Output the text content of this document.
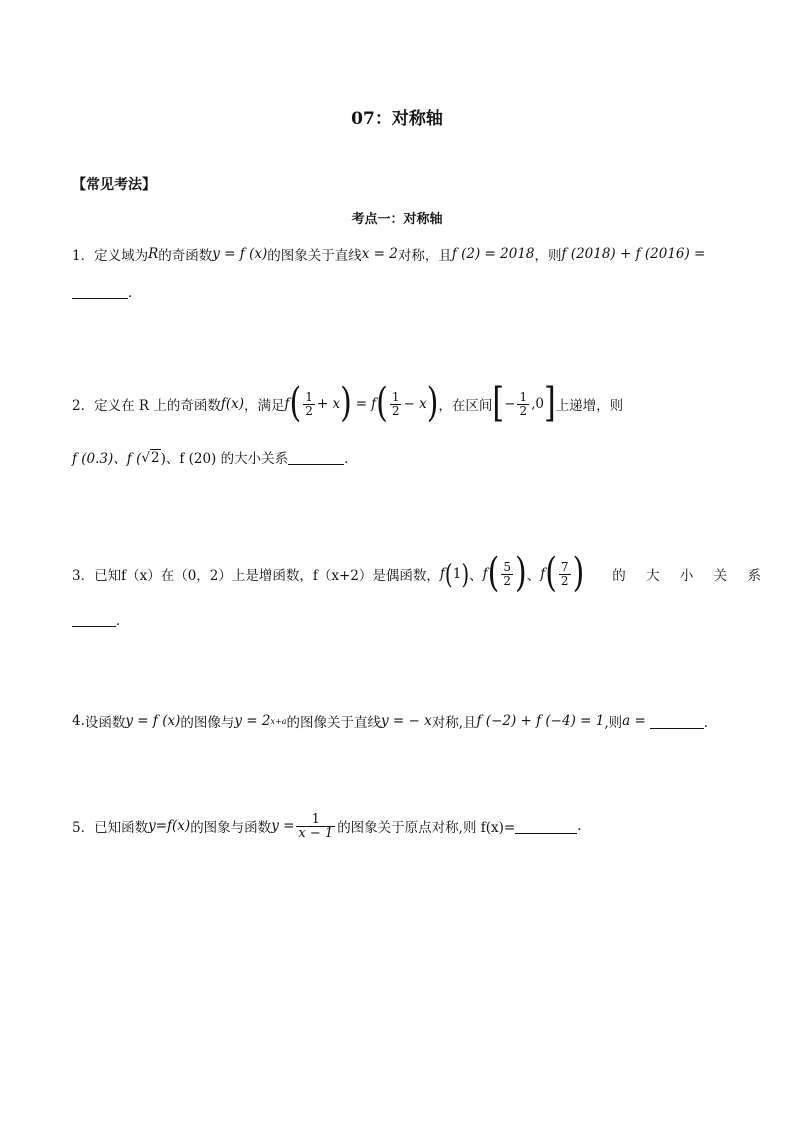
07：对称轴
【常见考法】
考点一：对称轴
1． 定义域为 R 的奇函数 y = f (x) 的图象关于直线 x = 2 对称，且 f (2) = 2018 ，则 f (2018) + f (2016) =
．
2． 定义在 R 上的奇函数 f(x) ，满足 f ( $\frac{1}{2} + x$ ) = f ( $\frac{1}{2} - x$ ) ，在区间 [ − $\frac{1}{2} ,0$ ] 上递增，则
f (0.3)、f ( √ 2 )、f (20) 的大小关系	．
3． 已知f（x）在（0，2）上是增函数，f（x+2）是偶函数， f ( 1 ) 、 f ( $\frac{5}{2}$ ) 、 f ( $\frac{7}{2}$ )	的 大 小 关 系
．
4. 设函数 y = f (x) 的图像与 y = 2 x+a 的图像关于直线 y = − x 对称,且 f (−2) + f (−4) = 1 ,则 a =	．
5． 已知函数 y=f(x) 的图象与函数 $y = \frac{1}{x - 1}$ 的图象关于原点对称,则 f(x)=	.
